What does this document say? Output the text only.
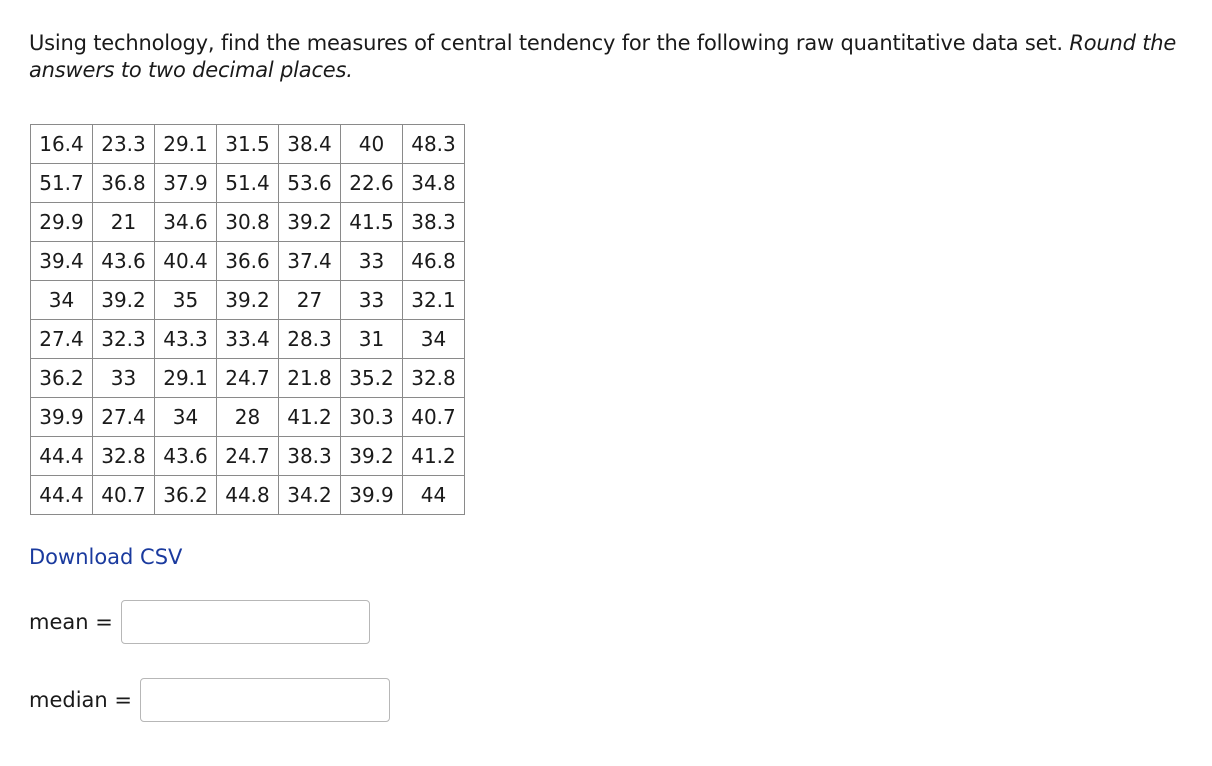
Using technology, find the measures of central tendency for the following raw quantitative data set. Round the answers to two decimal places.
16.4	23.3	29.1	31.5	38.4	40	48.3
51.7	36.8	37.9	51.4	53.6	22.6	34.8
29.9	21	34.6	30.8	39.2	41.5	38.3
39.4	43.6	40.4	36.6	37.4	33	46.8
34	39.2	35	39.2	27	33	32.1
27.4	32.3	43.3	33.4	28.3	31	34
36.2	33	29.1	24.7	21.8	35.2	32.8
39.9	27.4	34	28	41.2	30.3	40.7
44.4	32.8	43.6	24.7	38.3	39.2	41.2
44.4	40.7	36.2	44.8	34.2	39.9	44
Download CSV
mean =
median =
